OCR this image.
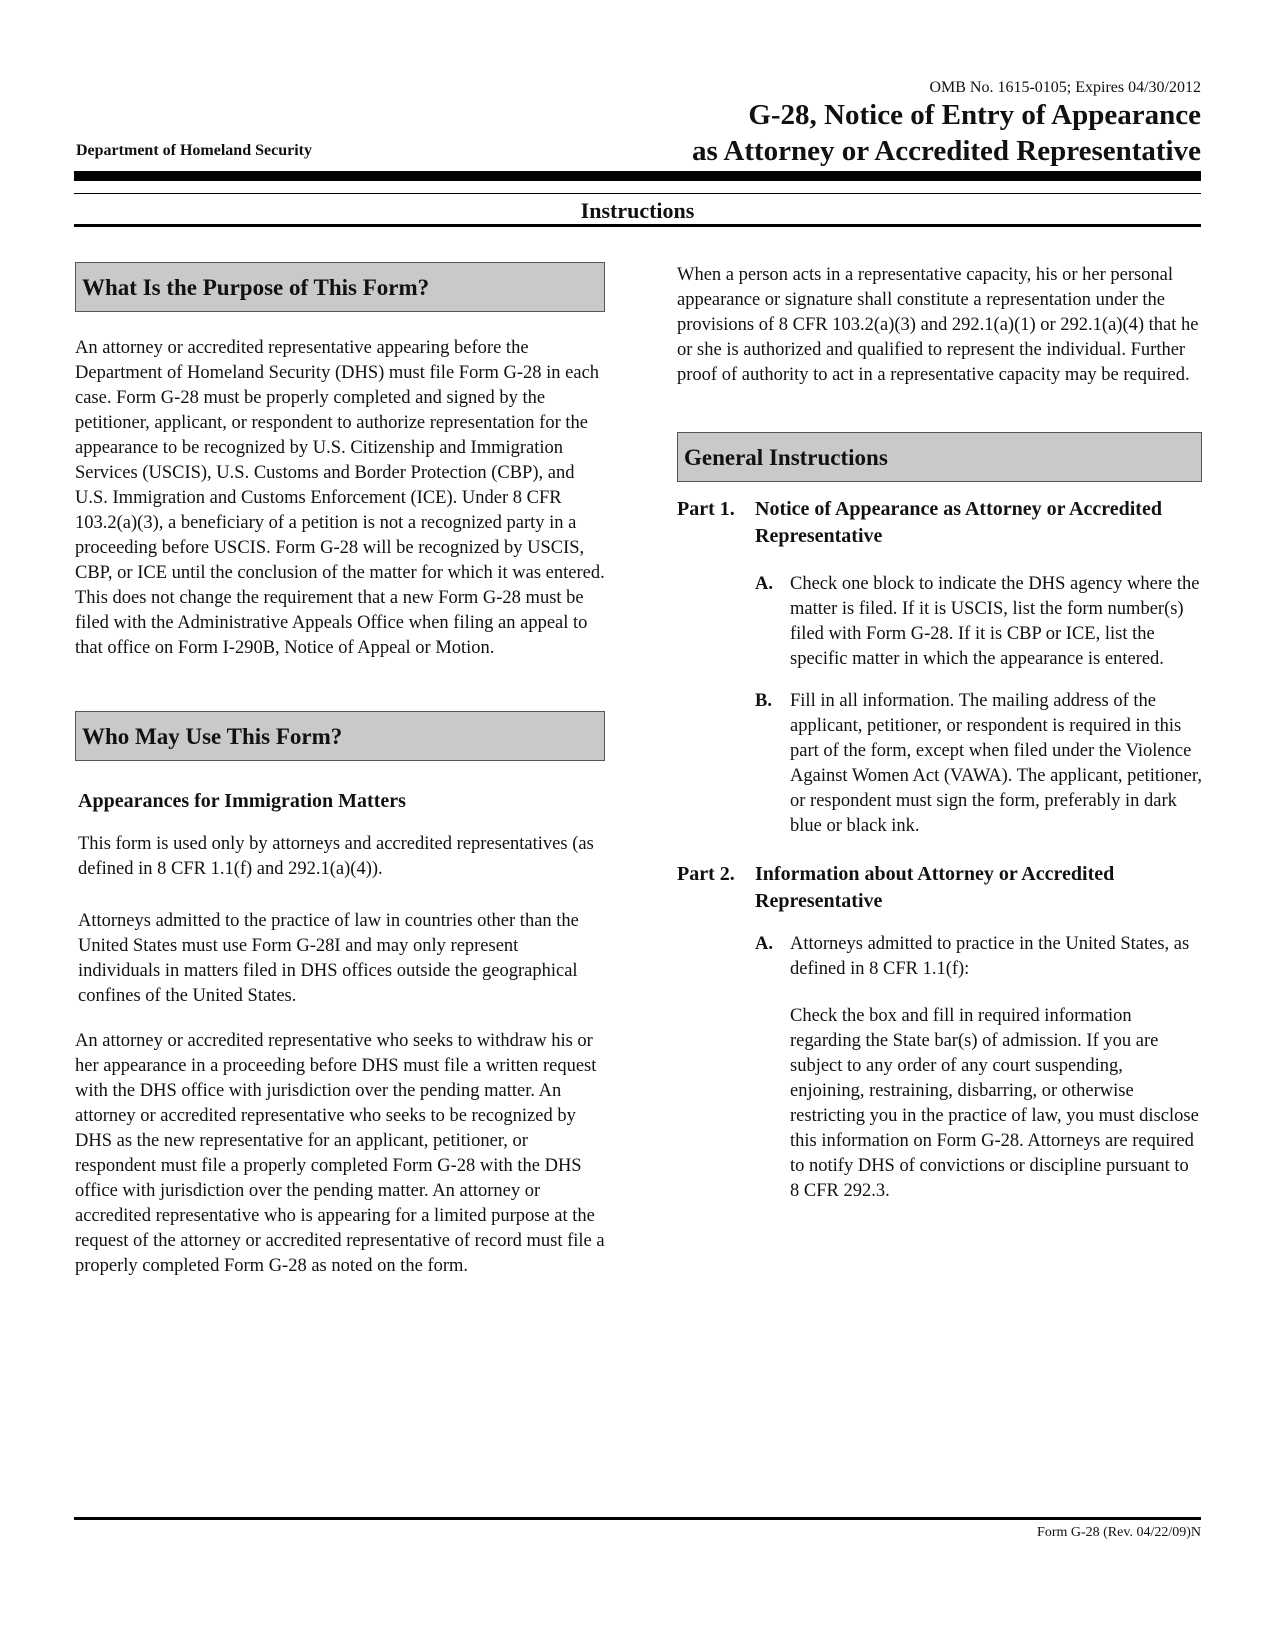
OMB No. 1615-0105; Expires 04/30/2012
Department of Homeland Security
G-28, Notice of Entry of Appearance
as Attorney or Accredited Representative
Instructions
What Is the Purpose of This Form?

An attorney or accredited representative appearing before the Department of Homeland Security (DHS) must file Form G-28 in each case. Form G-28 must be properly completed and signed by the petitioner, applicant, or respondent to authorize representation for the appearance to be recognized by U.S. Citizenship and Immigration Services (USCIS), U.S. Customs and Border Protection (CBP), and U.S. Immigration and Customs Enforcement (ICE). Under 8 CFR 103.2(a)(3), a beneficiary of a petition is not a recognized party in a proceeding before USCIS. Form G-28 will be recognized by USCIS, CBP, or ICE until the conclusion of the matter for which it was entered. This does not change the requirement that a new Form G-28 must be filed with the Administrative Appeals Office when filing an appeal to that office on Form I-290B, Notice of Appeal or Motion.

Who May Use This Form?

Appearances for Immigration Matters

This form is used only by attorneys and accredited representatives (as defined in 8 CFR 1.1(f) and 292.1(a)(4)).

Attorneys admitted to the practice of law in countries other than the United States must use Form G-28I and may only represent individuals in matters filed in DHS offices outside the geographical confines of the United States.

An attorney or accredited representative who seeks to withdraw his or her appearance in a proceeding before DHS must file a written request with the DHS office with jurisdiction over the pending matter. An attorney or accredited representative who seeks to be recognized by DHS as the new representative for an applicant, petitioner, or respondent must file a properly completed Form G-28 with the DHS office with jurisdiction over the pending matter. An attorney or accredited representative who is appearing for a limited purpose at the request of the attorney or accredited representative of record must file a properly completed Form G-28 as noted on the form.

When a person acts in a representative capacity, his or her personal appearance or signature shall constitute a representation under the provisions of 8 CFR 103.2(a)(3) and 292.1(a)(1) or 292.1(a)(4) that he or she is authorized and qualified to represent the individual. Further proof of authority to act in a representative capacity may be required.

General Instructions
Part 1.	Notice of Appearance as Attorney or Accredited Representative
A. Check one block to indicate the DHS agency where the matter is filed. If it is USCIS, list the form number(s) filed with Form G-28. If it is CBP or ICE, list the specific matter in which the appearance is entered.
B. Fill in all information. The mailing address of the applicant, petitioner, or respondent is required in this part of the form, except when filed under the Violence Against Women Act (VAWA). The applicant, petitioner, or respondent must sign the form, preferably in dark blue or black ink.
Part 2.	Information about Attorney or Accredited Representative
A. Attorneys admitted to practice in the United States, as defined in 8 CFR 1.1(f):

Check the box and fill in required information regarding the State bar(s) of admission. If you are subject to any order of any court suspending, enjoining, restraining, disbarring, or otherwise restricting you in the practice of law, you must disclose this information on Form G-28. Attorneys are required to notify DHS of convictions or discipline pursuant to 8 CFR 292.3.

Form G-28 (Rev. 04/22/09)N
